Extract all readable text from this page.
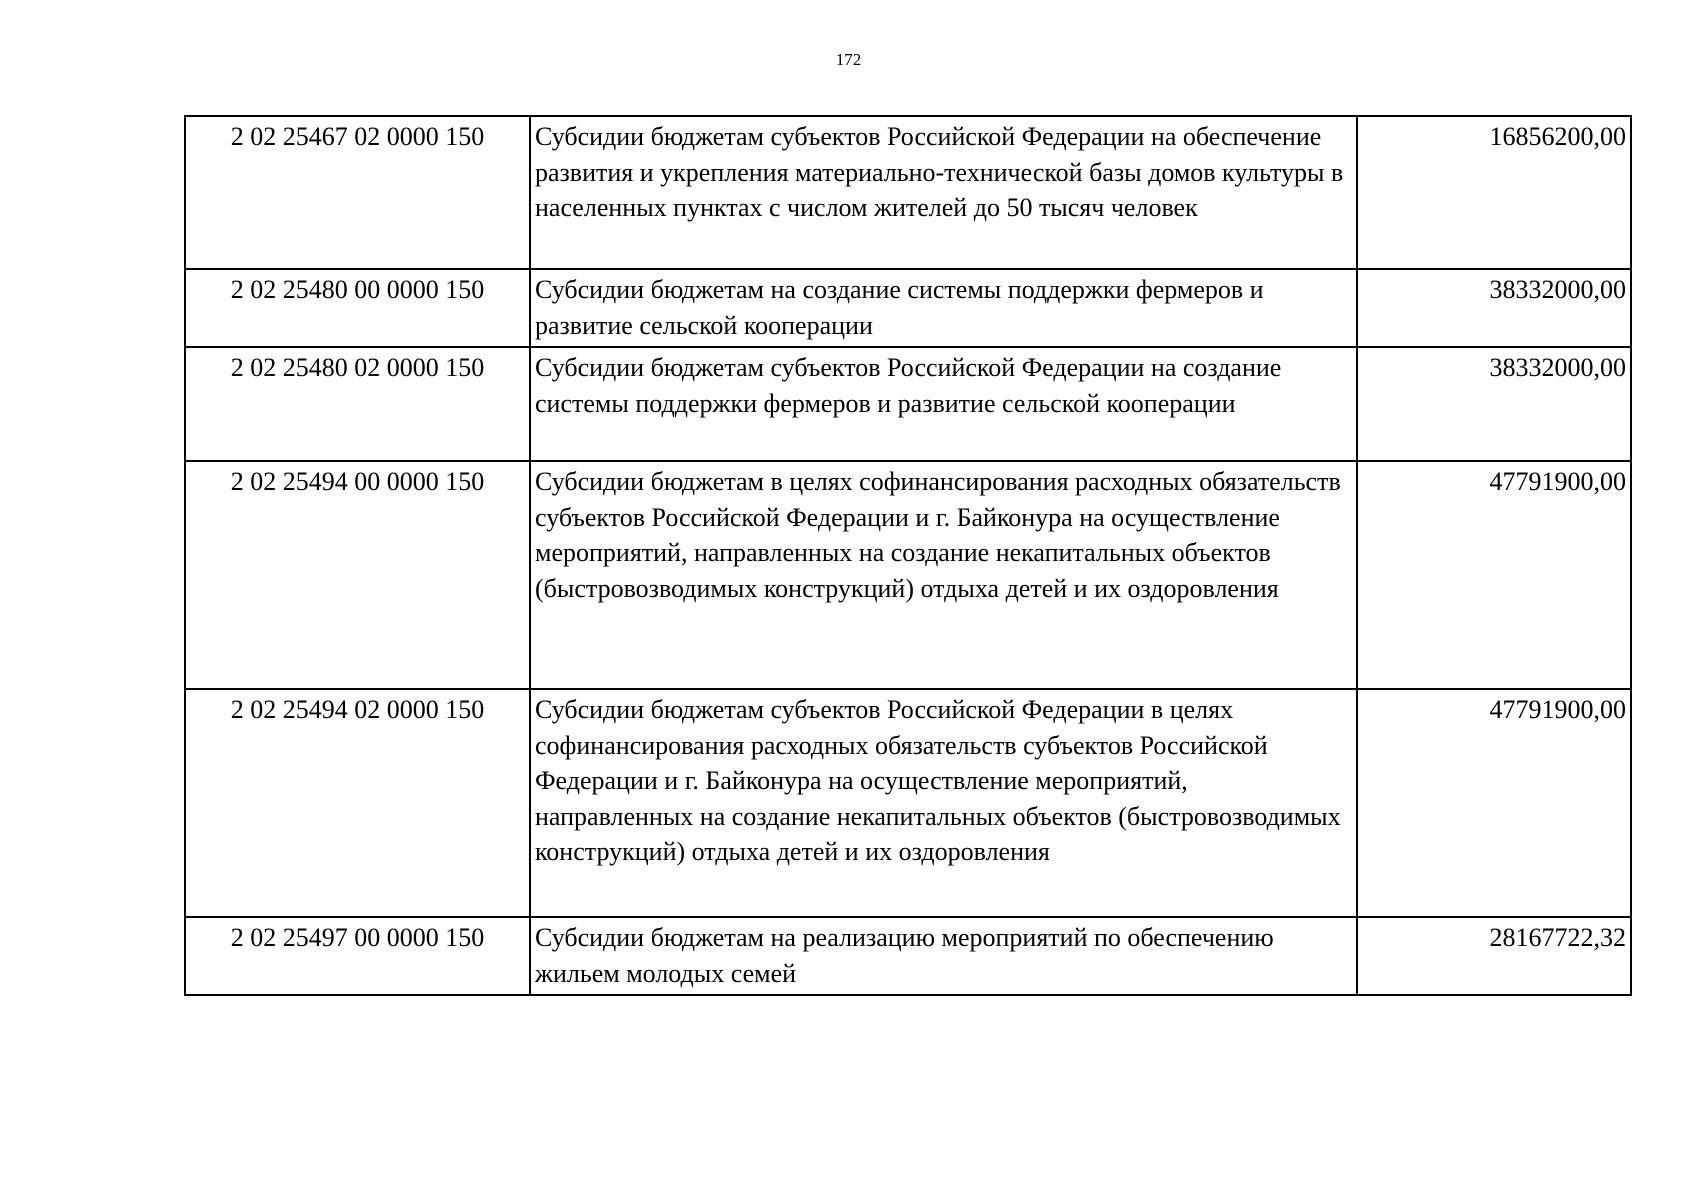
172
2 02 25467 02 0000 150	Субсидии бюджетам субъектов Российской Федерации на обеспечение развития и укрепления материально-технической базы домов культуры в населенных пунктах с числом жителей до 50 тысяч человек	16856200,00
2 02 25480 00 0000 150	Субсидии бюджетам на создание системы поддержки фермеров и развитие сельской кооперации	38332000,00
2 02 25480 02 0000 150	Субсидии бюджетам субъектов Российской Федерации на создание системы поддержки фермеров и развитие сельской кооперации	38332000,00
2 02 25494 00 0000 150	Субсидии бюджетам в целях софинансирования расходных обязательств субъектов Российской Федерации и г. Байконура на осуществление мероприятий, направленных на создание некапитальных объектов (быстровозводимых конструкций) отдыха детей и их оздоровления	47791900,00
2 02 25494 02 0000 150	Субсидии бюджетам субъектов Российской Федерации в целях софинансирования расходных обязательств субъектов Российской Федерации и г. Байконура на осуществление мероприятий, направленных на создание некапитальных объектов (быстровозводимых конструкций) отдыха детей и их оздоровления	47791900,00
2 02 25497 00 0000 150	Субсидии бюджетам на реализацию мероприятий по обеспечению жильем молодых семей	28167722,32
